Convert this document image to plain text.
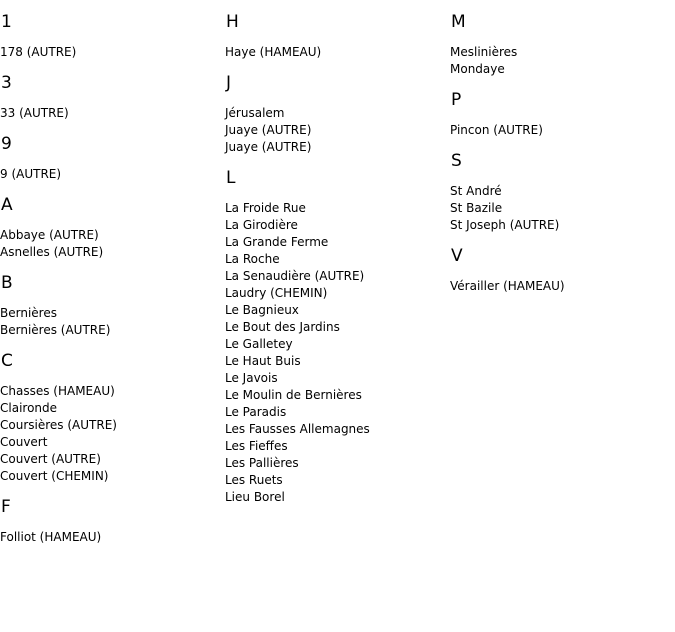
1
178 (AUTRE)
3
33 (AUTRE)
9
9 (AUTRE)
A
Abbaye (AUTRE)
Asnelles (AUTRE)
B
Bernières
Bernières (AUTRE)
C
Chasses (HAMEAU)
Claironde
Coursières (AUTRE)
Couvert
Couvert (AUTRE)
Couvert (CHEMIN)
F
Folliot (HAMEAU)
H
Haye (HAMEAU)
J
Jérusalem
Juaye (AUTRE)
Juaye (AUTRE)
L
La Froide Rue
La Girodière
La Grande Ferme
La Roche
La Senaudière (AUTRE)
Laudry (CHEMIN)
Le Bagnieux
Le Bout des Jardins
Le Galletey
Le Haut Buis
Le Javois
Le Moulin de Bernières
Le Paradis
Les Fausses Allemagnes
Les Fieffes
Les Pallières
Les Ruets
Lieu Borel
M
Meslinières
Mondaye
P
Pincon (AUTRE)
S
St André
St Bazile
St Joseph (AUTRE)
V
Vérailler (HAMEAU)
